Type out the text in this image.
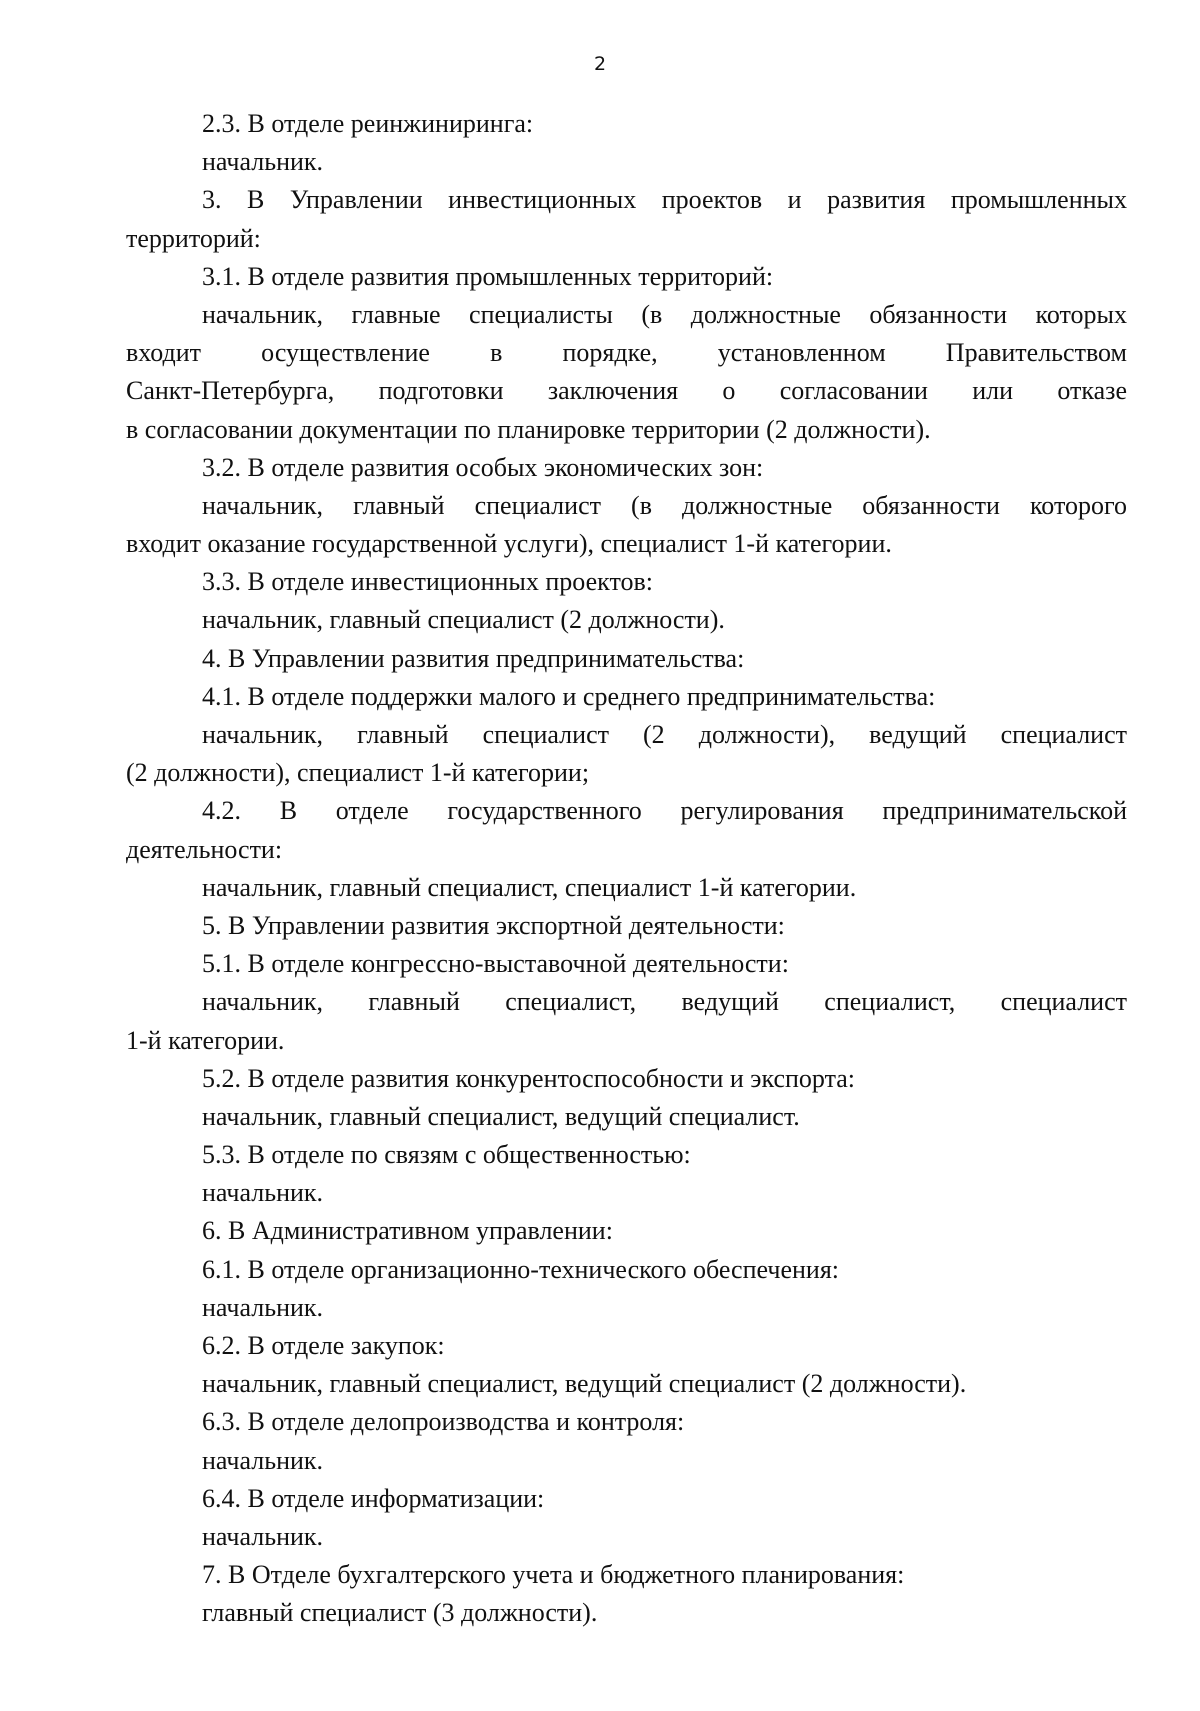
2
2.3. В отделе реинжиниринга:
начальник.
3. В Управлении инвестиционных проектов и развития промышленных
территорий:
3.1. В отделе развития промышленных территорий:
начальник, главные специалисты (в должностные обязанности которых
входит осуществление в порядке, установленном Правительством
Санкт-Петербурга, подготовки заключения о согласовании или отказе
в согласовании документации по планировке территории (2 должности).
3.2. В отделе развития особых экономических зон:
начальник, главный специалист (в должностные обязанности которого
входит оказание государственной услуги), специалист 1-й категории.
3.3. В отделе инвестиционных проектов:
начальник, главный специалист (2 должности).
4. В Управлении развития предпринимательства:
4.1. В отделе поддержки малого и среднего предпринимательства:
начальник, главный специалист (2 должности), ведущий специалист
(2 должности), специалист 1-й категории;
4.2. В отделе государственного регулирования предпринимательской
деятельности:
начальник, главный специалист, специалист 1-й категории.
5. В Управлении развития экспортной деятельности:
5.1. В отделе конгрессно-выставочной деятельности:
начальник, главный специалист, ведущий специалист, специалист
1-й категории.
5.2. В отделе развития конкурентоспособности и экспорта:
начальник, главный специалист, ведущий специалист.
5.3. В отделе по связям с общественностью:
начальник.
6. В Административном управлении:
6.1. В отделе организационно-технического обеспечения:
начальник.
6.2. В отделе закупок:
начальник, главный специалист, ведущий специалист (2 должности).
6.3. В отделе делопроизводства и контроля:
начальник.
6.4. В отделе информатизации:
начальник.
7. В Отделе бухгалтерского учета и бюджетного планирования:
главный специалист (3 должности).
